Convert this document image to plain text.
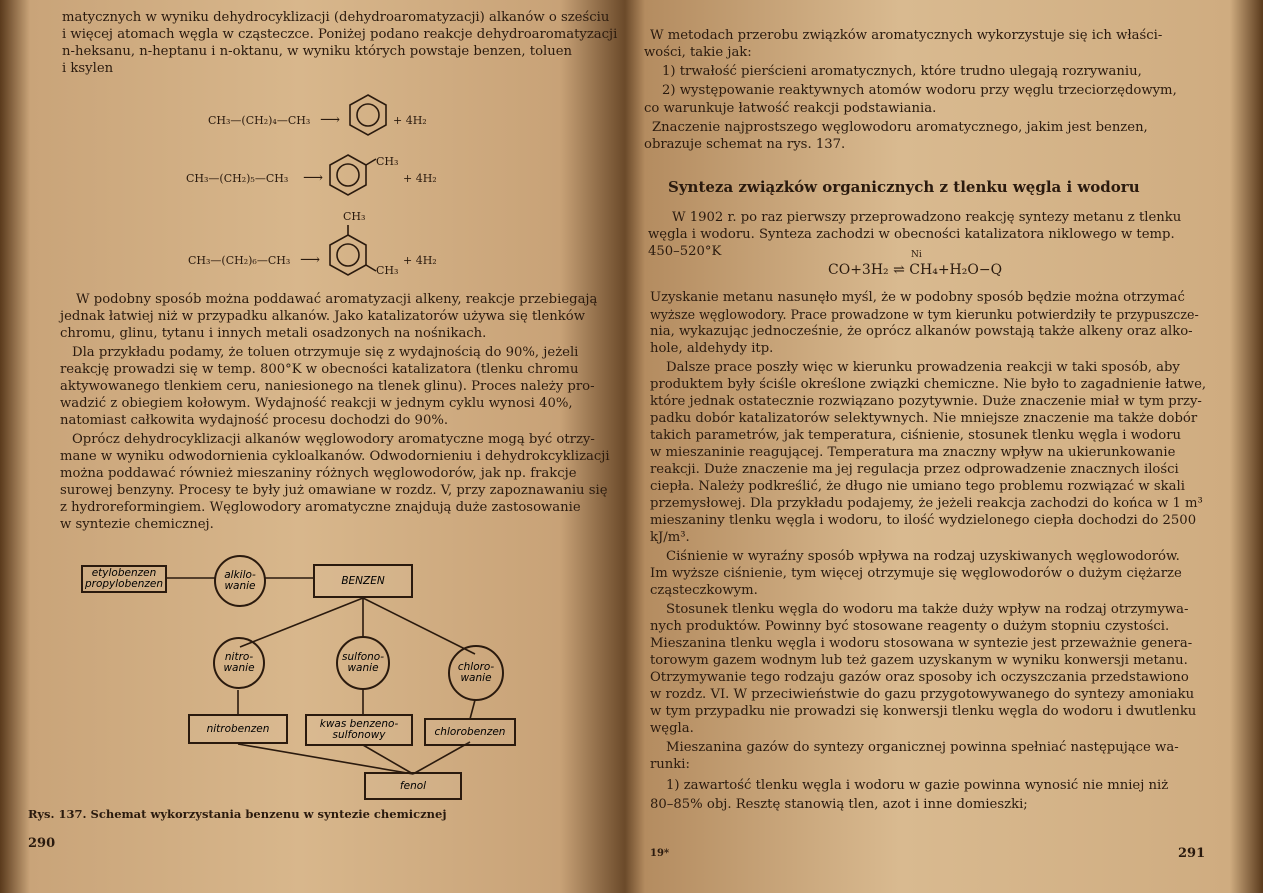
matycznych w wyniku dehydrocyklizacji (dehydroaromatyzacji) alkanów o sześciu
i więcej atomach węgla w cząsteczce. Poniżej podano reakcje dehydroaromatyzacji
n-heksanu, n-heptanu i n-oktanu, w wyniku których powstaje benzen, toluen
i ksylen
CH₃—(CH₂)₄—CH₃ ⟶	+ 4H₂
CH₃—(CH₂)₅—CH₃ ⟶	+ 4H₂
CH₃
CH₃—(CH₂)₆—CH₃ ⟶	+ 4H₂
CH₃
CH₃
W podobny sposób można poddawać aromatyzacji alkeny, reakcje przebiegają
jednak łatwiej niż w przypadku alkanów. Jako katalizatorów używa się tlenków
chromu, glinu, tytanu i innych metali osadzonych na nośnikach.
Dla przykładu podamy, że toluen otrzymuje się z wydajnością do 90%, jeżeli
reakcję prowadzi się w temp. 800°K w obecności katalizatora (tlenku chromu
aktywowanego tlenkiem ceru, naniesionego na tlenek glinu). Proces należy pro-
wadzić z obiegiem kołowym. Wydajność reakcji w jednym cyklu wynosi 40%,
natomiast całkowita wydajność procesu dochodzi do 90%.
Oprócz dehydrocyklizacji alkanów węglowodory aromatyczne mogą być otrzy-
mane w wyniku odwodornienia cykloalkanów. Odwodornieniu i dehydrokcyklizacji
można poddawać również mieszaniny różnych węglowodorów, jak np. frakcje
surowej benzyny. Procesy te były już omawiane w rozdz. V, przy zapoznawaniu się
z hydroreformingiem. Węglowodory aromatyczne znajdują duże zastosowanie
w syntezie chemicznej.
Rys. 137. Schemat wykorzystania benzenu w syntezie chemicznej
290
etylobenzen
propylobenzen
alkilo-
wanie	BENZEN
nitro-
wanie
sulfono-
wanie	chloro-
wanie
nitrobenzen	kwas benzeno-
sulfonowy	chlorobenzen
fenol
W metodach przerobu związków aromatycznych wykorzystuje się ich właści-
wości, takie jak:
1) trwałość pierścieni aromatycznych, które trudno ulegają rozrywaniu,
2) występowanie reaktywnych atomów wodoru przy węglu trzeciorzędowym,
co warunkuje łatwość reakcji podstawiania.
Znaczenie najprostszego węglowodoru aromatycznego, jakim jest benzen,
obrazuje schemat na rys. 137.
Synteza związków organicznych z tlenku węgla i wodoru
W 1902 r. po raz pierwszy przeprowadzono reakcję syntezy metanu z tlenku
węgla i wodoru. Synteza zachodzi w obecności katalizatora niklowego w temp.
450–520°K	Ni
CO+3H₂ ⇌ CH₄+H₂O−Q
Uzyskanie metanu nasunęło myśl, że w podobny sposób będzie można otrzymać
wyższe węglowodory. Prace prowadzone w tym kierunku potwierdziły te przypuszcze-
nia, wykazując jednocześnie, że oprócz alkanów powstają także alkeny oraz alko-
hole, aldehydy itp.
Dalsze prace poszły więc w kierunku prowadzenia reakcji w taki sposób, aby
produktem były ściśle określone związki chemiczne. Nie było to zagadnienie łatwe,
które jednak ostatecznie rozwiązano pozytywnie. Duże znaczenie miał w tym przy-
padku dobór katalizatorów selektywnych. Nie mniejsze znaczenie ma także dobór
takich parametrów, jak temperatura, ciśnienie, stosunek tlenku węgla i wodoru
w mieszaninie reagującej. Temperatura ma znaczny wpływ na ukierunkowanie
reakcji. Duże znaczenie ma jej regulacja przez odprowadzenie znacznych ilości
ciepła. Należy podkreślić, że długo nie umiano tego problemu rozwiązać w skali
przemysłowej. Dla przykładu podajemy, że jeżeli reakcja zachodzi do końca w 1 m³
mieszaniny tlenku węgla i wodoru, to ilość wydzielonego ciepła dochodzi do 2500
kJ/m³.
Ciśnienie w wyraźny sposób wpływa na rodzaj uzyskiwanych węglowodorów.
Im wyższe ciśnienie, tym więcej otrzymuje się węglowodorów o dużym ciężarze
cząsteczkowym.
Stosunek tlenku węgla do wodoru ma także duży wpływ na rodzaj otrzymywa-
nych produktów. Powinny być stosowane reagenty o dużym stopniu czystości.
Mieszanina tlenku węgla i wodoru stosowana w syntezie jest przeważnie genera-
torowym gazem wodnym lub też gazem uzyskanym w wyniku konwersji metanu.
Otrzymywanie tego rodzaju gazów oraz sposoby ich oczyszczania przedstawiono
w rozdz. VI. W przeciwieństwie do gazu przygotowywanego do syntezy amoniaku
w tym przypadku nie prowadzi się konwersji tlenku węgla do wodoru i dwutlenku
węgla.
Mieszanina gazów do syntezy organicznej powinna spełniać następujące wa-
runki:
1) zawartość tlenku węgla i wodoru w gazie powinna wynosić nie mniej niż
80–85% obj. Resztę stanowią tlen, azot i inne domieszki;
19*	291
